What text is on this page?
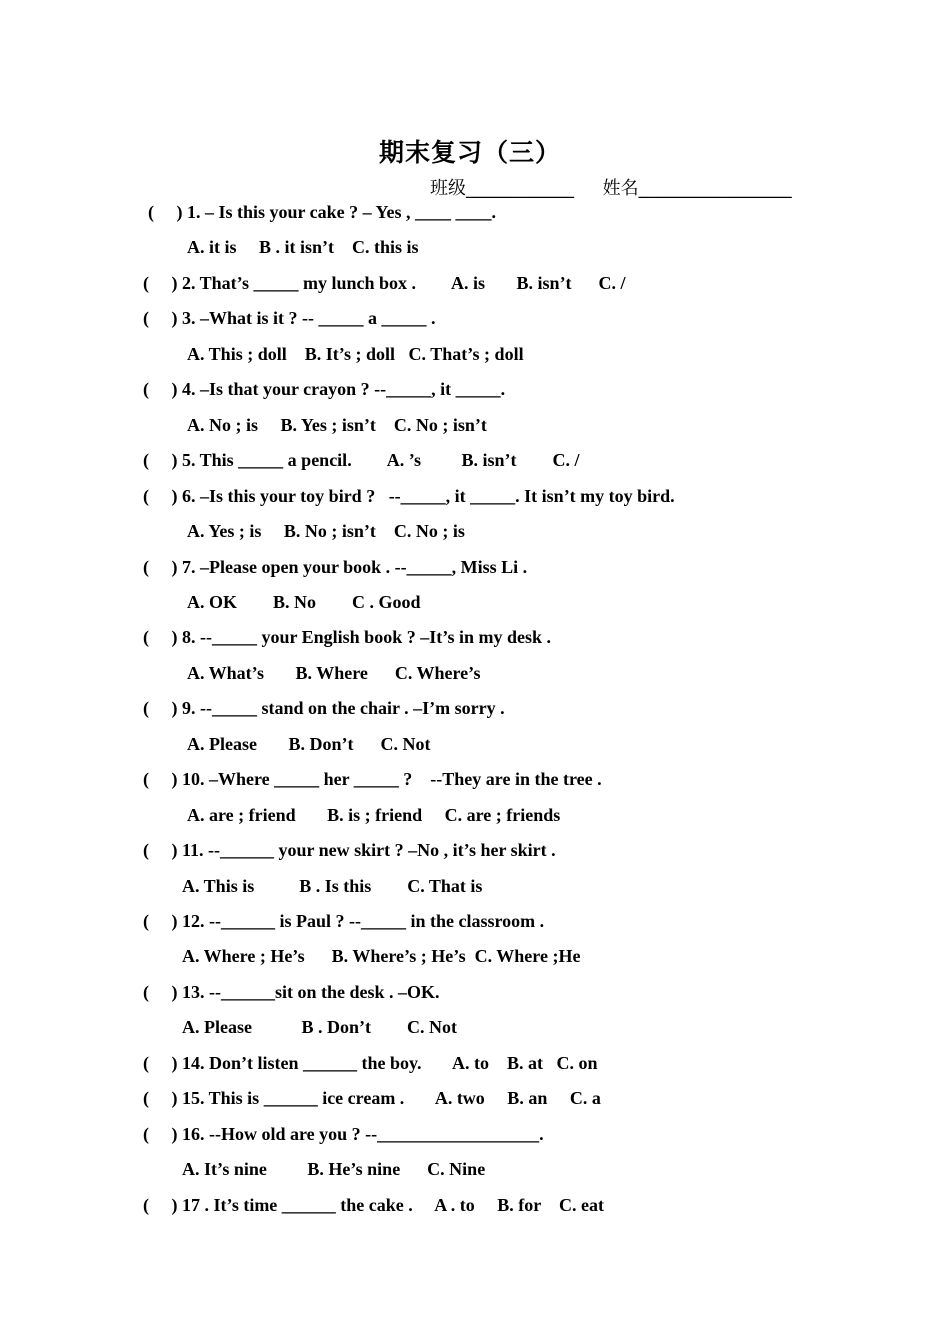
期末复习（三）
班级____________ 姓名_________________
(     ) 1. – Is this your cake ? – Yes , ____ ____.
A. it is     B . it isn’t    C. this is
(     ) 2. That’s _____ my lunch box .        A. is       B. isn’t      C. /
(     ) 3. –What is it ? -- _____ a _____ .
A. This ; doll    B. It’s ; doll   C. That’s ; doll
(     ) 4. –Is that your crayon ? --_____, it _____.
A. No ; is     B. Yes ; isn’t    C. No ; isn’t
(     ) 5. This _____ a pencil.        A. ’s         B. isn’t        C. /
(     ) 6. –Is this your toy bird ?   --_____, it _____. It isn’t my toy bird.
A. Yes ; is     B. No ; isn’t    C. No ; is
(     ) 7. –Please open your book . --_____, Miss Li .
A. OK        B. No        C . Good
(     ) 8. --_____ your English book ? –It’s in my desk .
A. What’s       B. Where      C. Where’s
(     ) 9. --_____ stand on the chair . –I’m sorry .
A. Please       B. Don’t      C. Not
(     ) 10. –Where _____ her _____ ?    --They are in the tree .
A. are ; friend       B. is ; friend     C. are ; friends
(     ) 11. --______ your new skirt ? –No , it’s her skirt .
A. This is          B . Is this        C. That is
(     ) 12. --______ is Paul ? --_____ in the classroom .
A. Where ; He’s      B. Where’s ; He’s  C. Where ;He
(     ) 13. --______sit on the desk . –OK.
A. Please           B . Don’t        C. Not
(     ) 14. Don’t listen ______ the boy.       A. to    B. at   C. on
(     ) 15. This is ______ ice cream .       A. two     B. an     C. a
(     ) 16. --How old are you ? --__________________.
A. It’s nine         B. He’s nine      C. Nine
(     ) 17 . It’s time ______ the cake .     A . to     B. for    C. eat
